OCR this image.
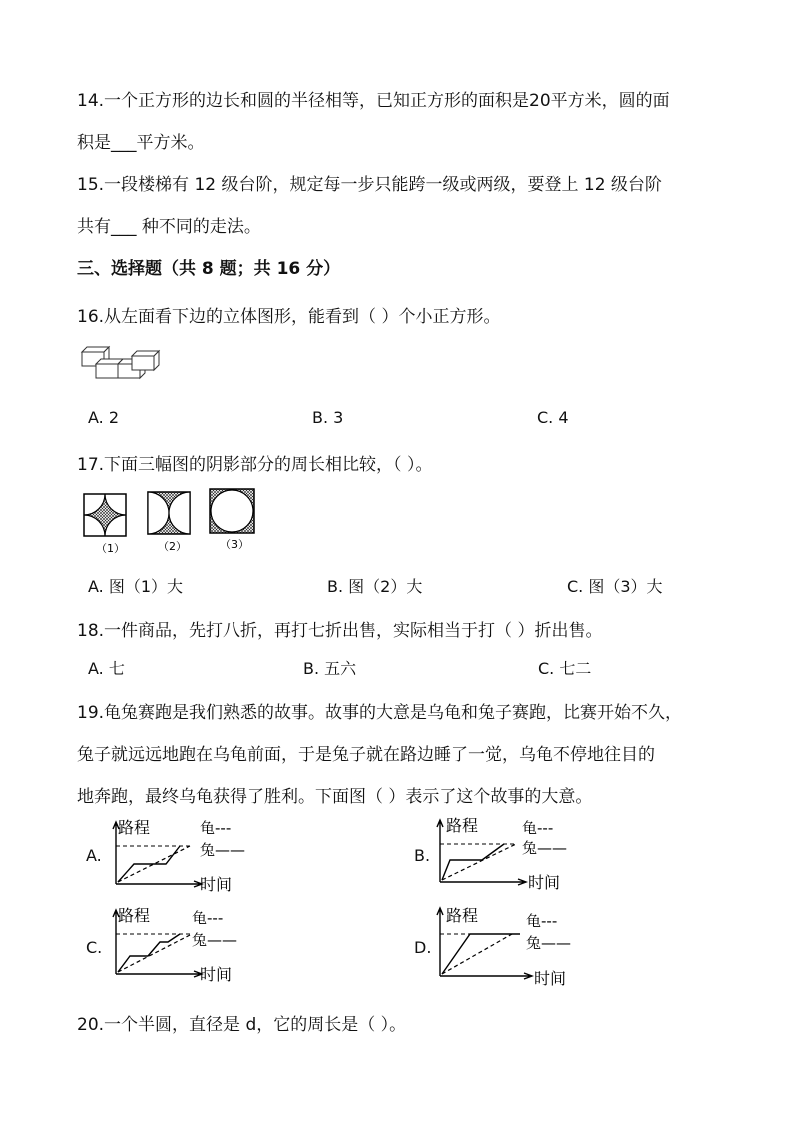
14.一个正方形的边长和圆的半径相等，已知正方形的面积是20平方米，圆的面
积是___平方米。
15.一段楼梯有 12 级台阶，规定每一步只能跨一级或两级，要登上 12 级台阶
共有___ 种不同的走法。
三、选择题（共 8 题；共 16 分）
16.从左面看下边的立体图形，能看到（ ）个小正方形。
A. 2	B. 3	C. 4
17.下面三幅图的阴影部分的周长相比较，（ ）。
（1）	（2）	（3）
A. 图（1）大	B. 图（2）大	C. 图（3）大
18.一件商品，先打八折，再打七折出售，实际相当于打（ ）折出售。
A. 七	B. 五六	C. 七二
19.龟兔赛跑是我们熟悉的故事。故事的大意是乌龟和兔子赛跑，比赛开始不久，
兔子就远远地跑在乌龟前面，于是兔子就在路边睡了一觉，乌龟不停地往目的
地奔跑，最终乌龟获得了胜利。下面图（ ）表示了这个故事的大意。
A.
路程	龟---
兔——
时间
B.
路程	龟---
兔——
时间
C.
路程	龟---
兔——
时间
D.
路程	龟---
兔——
时间
20.一个半圆，直径是 d，它的周长是（ ）。
